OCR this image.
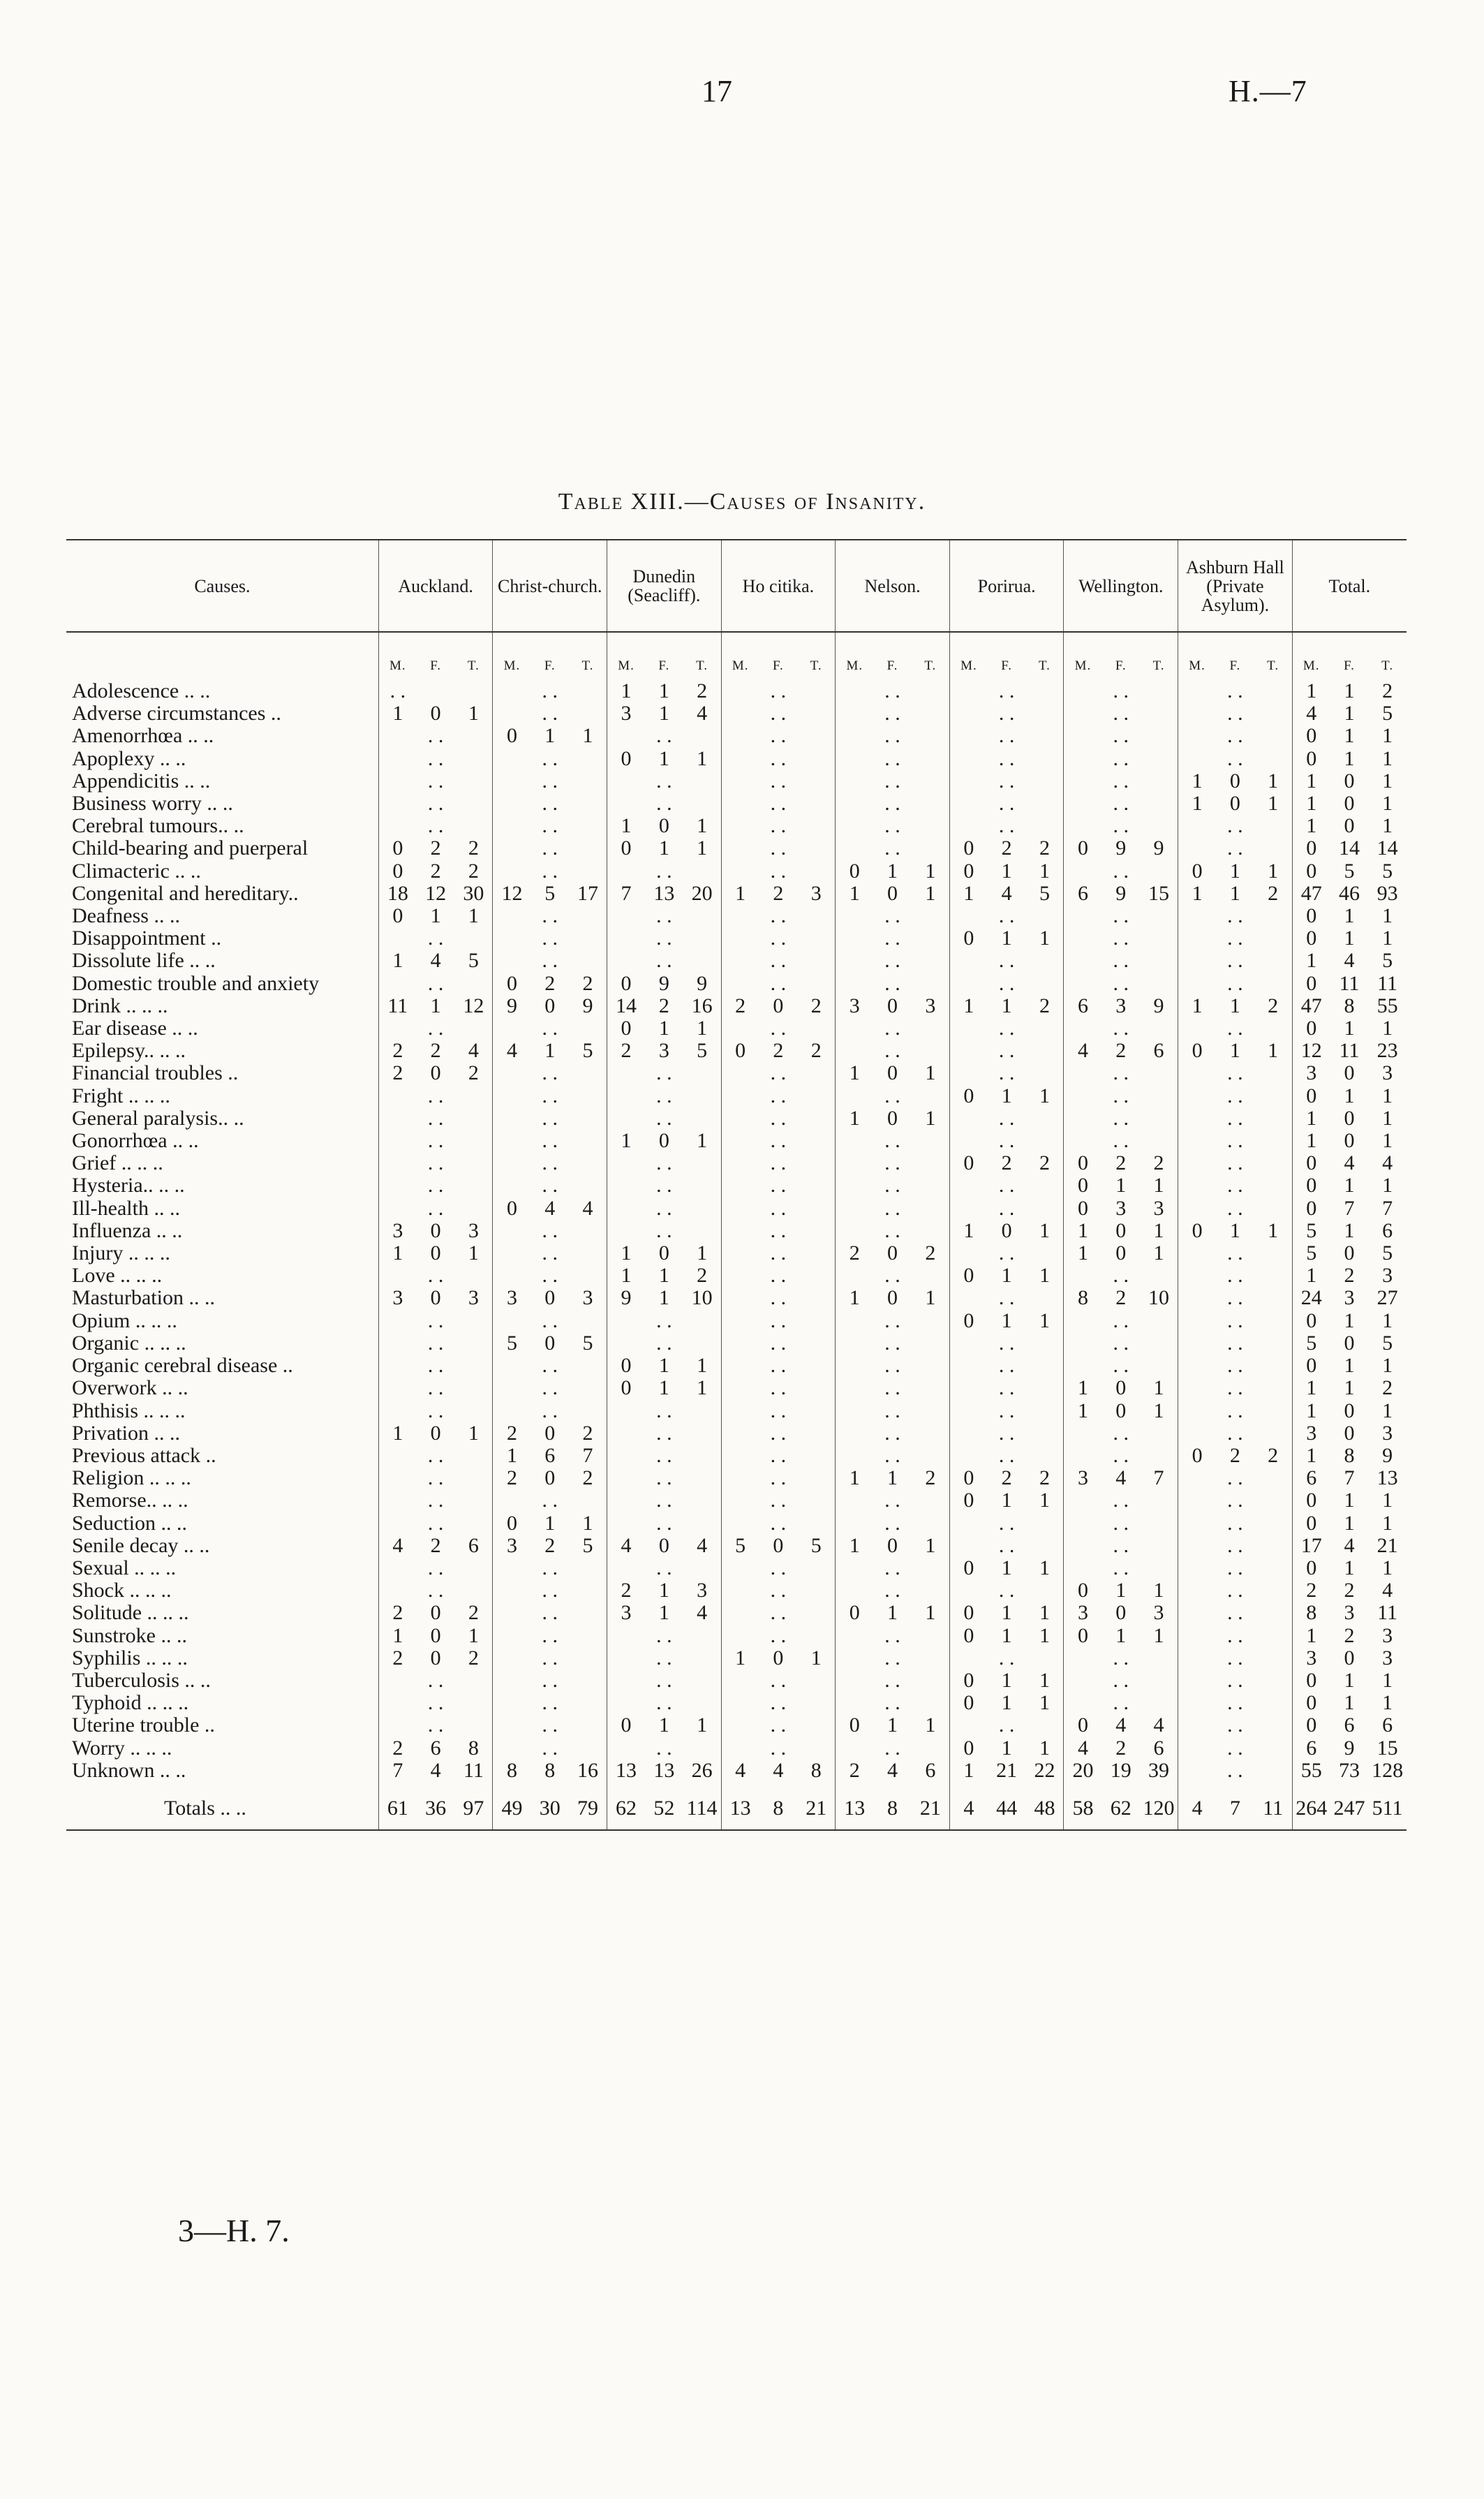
17	H.—7
Table XIII.—Causes of Insanity.
Causes.	Auckland.			Christ-church.			Dunedin (Seacliff).			Ho citika.			Nelson.			Porirua.			Wellington.			Ashburn Hall (Private Asylum).			Total.		
	M.	F.	T.	M.	F.	T.	M.	F.	T.	M.	F.	T.	M.	F.	T.	M.	F.	T.	M.	F.	T.	M.	F.	T.	M.	F.	T.
Adolescence .. ..	. .				. .		1	1	2		. .			. .			. .			. .			. .		1	1	2
Adverse circumstances ..	1	0	1		. .		3	1	4		. .			. .			. .			. .			. .		4	1	5
Amenorrhœa .. ..		. .		0	1	1		. .			. .			. .			. .			. .			. .		0	1	1
Apoplexy .. ..		. .			. .		0	1	1		. .			. .			. .			. .			. .		0	1	1
Appendicitis .. ..		. .			. .			. .			. .			. .			. .			. .		1	0	1	1	0	1
Business worry .. ..		. .			. .			. .			. .			. .			. .			. .		1	0	1	1	0	1
Cerebral tumours.. ..		. .			. .		1	0	1		. .			. .			. .			. .			. .		1	0	1
Child-bearing and puerperal	0	2	2		. .		0	1	1		. .			. .		0	2	2	0	9	9		. .		0	14	14
Climacteric .. ..	0	2	2		. .			. .			. .		0	1	1	0	1	1		. .		0	1	1	0	5	5
Congenital and hereditary..	18	12	30	12	5	17	7	13	20	1	2	3	1	0	1	1	4	5	6	9	15	1	1	2	47	46	93
Deafness .. ..	0	1	1		. .			. .			. .			. .			. .			. .			. .		0	1	1
Disappointment ..		. .			. .			. .			. .			. .		0	1	1		. .			. .		0	1	1
Dissolute life .. ..	1	4	5		. .			. .			. .			. .			. .			. .			. .		1	4	5
Domestic trouble and anxiety		. .		0	2	2	0	9	9		. .			. .			. .			. .			. .		0	11	11
Drink .. .. ..	11	1	12	9	0	9	14	2	16	2	0	2	3	0	3	1	1	2	6	3	9	1	1	2	47	8	55
Ear disease .. ..		. .			. .		0	1	1		. .			. .			. .			. .			. .		0	1	1
Epilepsy.. .. ..	2	2	4	4	1	5	2	3	5	0	2	2		. .			. .		4	2	6	0	1	1	12	11	23
Financial troubles ..	2	0	2		. .			. .			. .		1	0	1		. .			. .			. .		3	0	3
Fright .. .. ..		. .			. .			. .			. .			. .		0	1	1		. .			. .		0	1	1
General paralysis.. ..		. .			. .			. .			. .		1	0	1		. .			. .			. .		1	0	1
Gonorrhœa .. ..		. .			. .		1	0	1		. .			. .			. .			. .			. .		1	0	1
Grief .. .. ..		. .			. .			. .			. .			. .		0	2	2	0	2	2		. .		0	4	4
Hysteria.. .. ..		. .			. .			. .			. .			. .			. .		0	1	1		. .		0	1	1
Ill-health .. ..		. .		0	4	4		. .			. .			. .			. .		0	3	3		. .		0	7	7
Influenza .. ..	3	0	3		. .			. .			. .			. .		1	0	1	1	0	1	0	1	1	5	1	6
Injury .. .. ..	1	0	1		. .		1	0	1		. .		2	0	2		. .		1	0	1		. .		5	0	5
Love .. .. ..		. .			. .		1	1	2		. .			. .		0	1	1		. .			. .		1	2	3
Masturbation .. ..	3	0	3	3	0	3	9	1	10		. .		1	0	1		. .		8	2	10		. .		24	3	27
Opium .. .. ..		. .			. .			. .			. .			. .		0	1	1		. .			. .		0	1	1
Organic .. .. ..		. .		5	0	5		. .			. .			. .			. .			. .			. .		5	0	5
Organic cerebral disease ..		. .			. .		0	1	1		. .			. .			. .			. .			. .		0	1	1
Overwork .. ..		. .			. .		0	1	1		. .			. .			. .		1	0	1		. .		1	1	2
Phthisis .. .. ..		. .			. .			. .			. .			. .			. .		1	0	1		. .		1	0	1
Privation .. ..	1	0	1	2	0	2		. .			. .			. .			. .			. .			. .		3	0	3
Previous attack ..		. .		1	6	7		. .			. .			. .			. .			. .		0	2	2	1	8	9
Religion .. .. ..		. .		2	0	2		. .			. .		1	1	2	0	2	2	3	4	7		. .		6	7	13
Remorse.. .. ..		. .			. .			. .			. .			. .		0	1	1		. .			. .		0	1	1
Seduction .. ..		. .		0	1	1		. .			. .			. .			. .			. .			. .		0	1	1
Senile decay .. ..	4	2	6	3	2	5	4	0	4	5	0	5	1	0	1		. .			. .			. .		17	4	21
Sexual .. .. ..		. .			. .			. .			. .			. .		0	1	1		. .			. .		0	1	1
Shock .. .. ..		. .			. .		2	1	3		. .			. .			. .		0	1	1		. .		2	2	4
Solitude .. .. ..	2	0	2		. .		3	1	4		. .		0	1	1	0	1	1	3	0	3		. .		8	3	11
Sunstroke .. ..	1	0	1		. .			. .			. .			. .		0	1	1	0	1	1		. .		1	2	3
Syphilis .. .. ..	2	0	2		. .			. .		1	0	1		. .			. .			. .			. .		3	0	3
Tuberculosis .. ..		. .			. .			. .			. .			. .		0	1	1		. .			. .		0	1	1
Typhoid .. .. ..		. .			. .			. .			. .			. .		0	1	1		. .			. .		0	1	1
Uterine trouble ..		. .			. .		0	1	1		. .		0	1	1		. .		0	4	4		. .		0	6	6
Worry .. .. ..	2	6	8		. .			. .			. .			. .		0	1	1	4	2	6		. .		6	9	15
Unknown .. ..	7	4	11	8	8	16	13	13	26	4	4	8	2	4	6	1	21	22	20	19	39		. .		55	73	128
Totals .. ..	61	36	97	49	30	79	62	52	114	13	8	21	13	8	21	4	44	48	58	62	120	4	7	11	264	247	511
3—H. 7.
